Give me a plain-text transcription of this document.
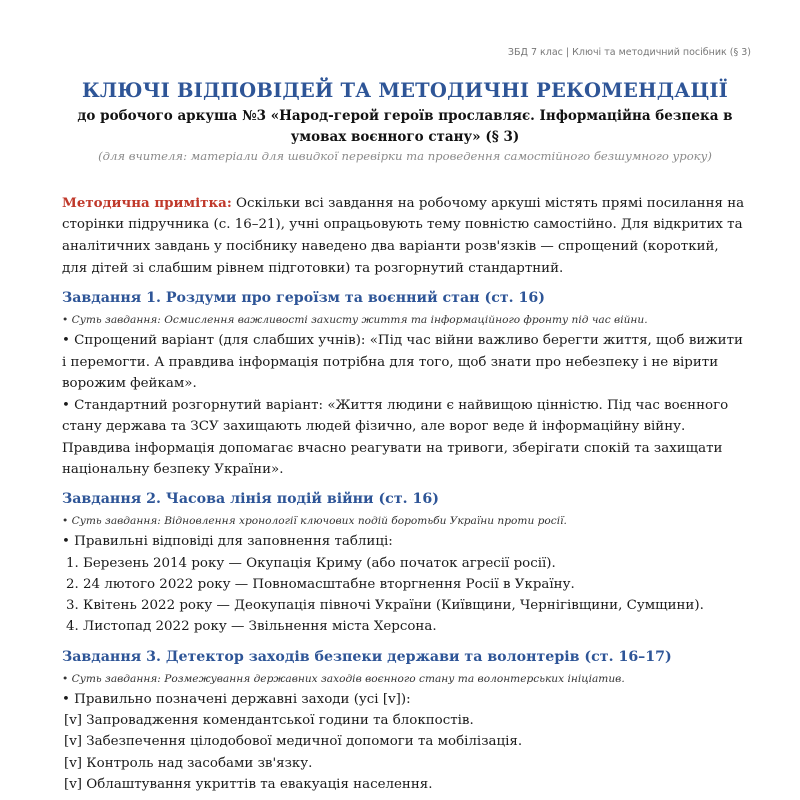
ЗБД 7 клас | Ключі та методичний посібник (§ 3)
КЛЮЧІ ВІДПОВІДЕЙ ТА МЕТОДИЧНІ РЕКОМЕНДАЦІЇ

до робочого аркуша №3 «Народ-герой героїв прославляє. Інформаційна безпека в умовах воєнного стану» (§ 3)

(для вчителя: матеріали для швидкої перевірки та проведення самостійного безшумного уроку)

Методична примітка: Оскільки всі завдання на робочому аркуші містять прямі посилання на сторінки підручника (с. 16–21), учні опрацьовують тему повністю самостійно. Для відкритих та аналітичних завдань у посібнику наведено два варіанти розв'язків — спрощений (короткий, для дітей зі слабшим рівнем підготовки) та розгорнутий стандартний.

Завдання 1. Роздуми про героїзм та воєнний стан (ст. 16)

• Суть завдання: Осмислення важливості захисту життя та інформаційного фронту під час війни.

• Спрощений варіант (для слабших учнів): «Під час війни важливо берегти життя, щоб вижити і перемогти. А правдива інформація потрібна для того, щоб знати про небезпеку і не вірити ворожим фейкам».

• Стандартний розгорнутий варіант: «Життя людини є найвищою цінністю. Під час воєнного стану держава та ЗСУ захищають людей фізично, але ворог веде й інформаційну війну. Правдива інформація допомагає вчасно реагувати на тривоги, зберігати спокій та захищати національну безпеку України».

Завдання 2. Часова лінія подій війни (ст. 16)

• Суть завдання: Відновлення хронології ключових подій боротьби України проти росії.

• Правильні відповіді для заповнення таблиці:

1. Березень 2014 року — Окупація Криму (або початок агресії росії).
2. 24 лютого 2022 року — Повномасштабне вторгнення Росії в Україну.
3. Квітень 2022 року — Деокупація півночі України (Київщини, Чернігівщини, Сумщини).
4. Листопад 2022 року — Звільнення міста Херсона.
Завдання 3. Детектор заходів безпеки держави та волонтерів (ст. 16–17)

• Суть завдання: Розмежування державних заходів воєнного стану та волонтерських ініціатив.

• Правильно позначені державні заходи (усі [v]):

[v] Запровадження комендантської години та блокпостів.
[v] Забезпечення цілодобової медичної допомоги та мобілізація.
[v] Контроль над засобами зв'язку.
[v] Облаштування укриттів та евакуація населення.
